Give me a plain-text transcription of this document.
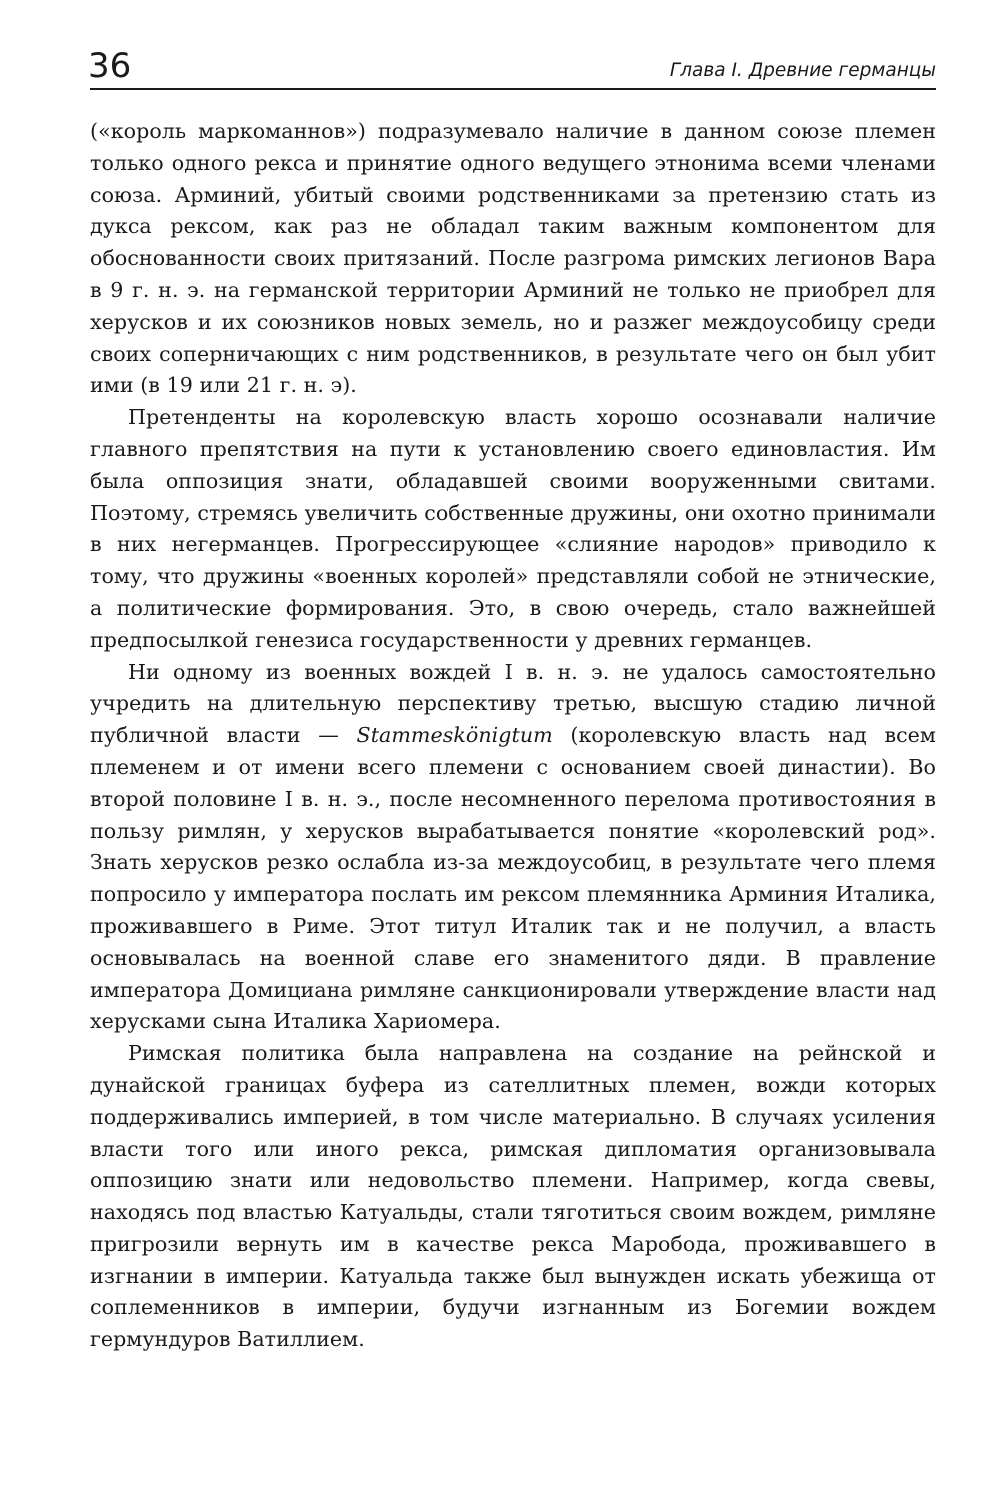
36	Глава I. Древние германцы

(«король маркоманнов») подразумевало наличие в данном союзе племен только одного рекса и принятие одного ведущего этнонима всеми членами союза. Арминий, убитый своими родственниками за претензию стать из дукса рексом, как раз не обладал таким важным компонентом для обоснованности своих притязаний. После разгрома римских легионов Вара в 9 г. н. э. на германской территории Арминий не только не приобрел для херусков и их союзников новых земель, но и разжег междоусобицу среди своих соперничающих с ним родственников, в результате чего он был убит ими (в 19 или 21 г. н. э).

Претенденты на королевскую власть хорошо осознавали наличие главного препятствия на пути к установлению своего единовластия. Им была оппозиция знати, обладавшей своими вооруженными свитами. Поэтому, стремясь увеличить собственные дружины, они охотно принимали в них негерманцев. Прогрессирующее «слияние народов» приводило к тому, что дружины «военных королей» представляли собой не этнические, а политические формирования. Это, в свою очередь, стало важнейшей предпосылкой генезиса государственности у древних германцев.

Ни одному из военных вождей I в. н. э. не удалось самостоятельно учредить на длительную перспективу третью, высшую стадию личной публичной власти — Stammeskönigtum (королевскую власть над всем племенем и от имени всего племени с основанием своей династии). Во второй половине I в. н. э., после несомненного перелома противостояния в пользу римлян, у херусков вырабатывается понятие «королевский род». Знать херусков резко ослабла из-за междоусобиц, в результате чего племя попросило у императора послать им рексом племянника Арминия Италика, проживавшего в Риме. Этот титул Италик так и не получил, а власть основывалась на военной славе его знаменитого дяди. В правление императора Домициана римляне санкционировали утверждение власти над херусками сына Италика Хариомера.

Римская политика была направлена на создание на рейнской и дунайской границах буфера из сателлитных племен, вожди которых поддерживались империей, в том числе материально. В случаях усиления власти того или иного рекса, римская дипломатия организовывала оппозицию знати или недовольство племени. Например, когда свевы, находясь под властью Катуальды, стали тяготиться своим вождем, римляне пригрозили вернуть им в качестве рекса Маробода, проживавшего в изгнании в империи. Катуальда также был вынужден искать убежища от соплеменников в империи, будучи изгнанным из Богемии вождем гермундуров Ватиллием.
